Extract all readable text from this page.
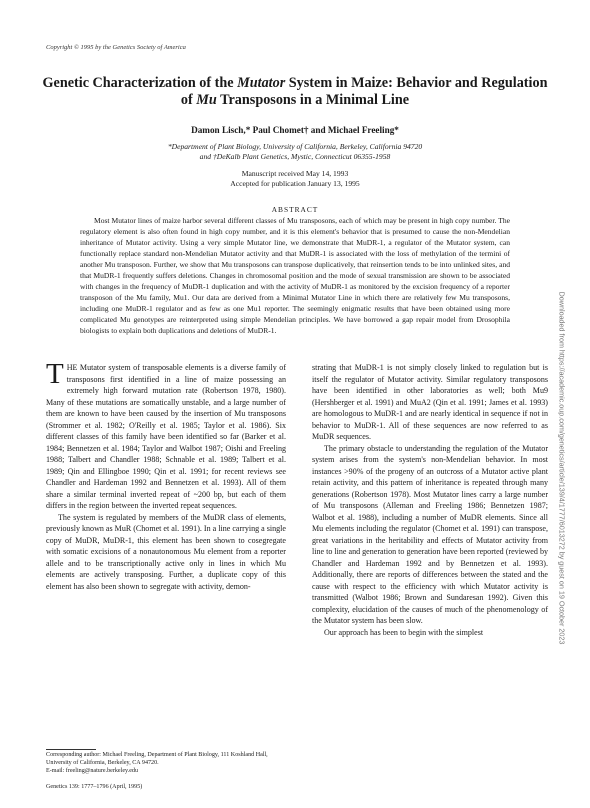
Copyright © 1995 by the Genetics Society of America
Genetic Characterization of the Mutator System in Maize: Behavior and Regulation of Mu Transposons in a Minimal Line
Damon Lisch,* Paul Chomet† and Michael Freeling*
*Department of Plant Biology, University of California, Berkeley, California 94720
and †DeKalb Plant Genetics, Mystic, Connecticut 06355-1958
Manuscript received May 14, 1993
Accepted for publication January 13, 1995
ABSTRACT
Most Mutator lines of maize harbor several different classes of Mu transposons, each of which may be present in high copy number. The regulatory element is also often found in high copy number, and it is this element's behavior that is presumed to cause the non-Mendelian inheritance of Mutator activity. Using a very simple Mutator line, we demonstrate that MuDR-1, a regulator of the Mutator system, can functionally replace standard non-Mendelian Mutator activity and that MuDR-1 is associated with the loss of methylation of the termini of another Mu transposon. Further, we show that Mu transposons can transpose duplicatively, that reinsertion tends to be into unlinked sites, and that MuDR-1 frequently suffers deletions. Changes in chromosomal position and the mode of sexual transmission are shown to be associated with changes in the frequency of MuDR-1 duplication and with the activity of MuDR-1 as monitored by the excision frequency of a reporter transposon of the Mu family, Mu1. Our data are derived from a Minimal Mutator Line in which there are relatively few Mu transposons, including one MuDR-1 regulator and as few as one Mu1 reporter. The seemingly enigmatic results that have been obtained using more complicated Mu genotypes are reinterpreted using simple Mendelian principles. We have borrowed a gap repair model from Drosophila biologists to explain both duplications and deletions of MuDR-1.

THE Mutator system of transposable elements is a diverse family of transposons first identified in a line of maize possessing an extremely high forward mutation rate (Robertson 1978, 1980). Many of these mutations are somatically unstable, and a large number of them are known to have been caused by the insertion of Mu transposons (Strommer et al. 1982; O'Reilly et al. 1985; Taylor et al. 1986). Six different classes of this family have been identified so far (Barker et al. 1984; Bennetzen et al. 1984; Taylor and Walbot 1987; Oishi and Freeling 1988; Talbert and Chandler 1988; Schnable et al. 1989; Talbert et al. 1989; Qin and Ellingboe 1990; Qin et al. 1991; for recent reviews see Chandler and Hardeman 1992 and Bennetzen et al. 1993). All of them share a similar terminal inverted repeat of ~200 bp, but each of them differs in the region between the inverted repeat sequences.

The system is regulated by members of the MuDR class of elements, previously known as MuR (Chomet et al. 1991). In a line carrying a single copy of MuDR, MuDR-1, this element has been shown to cosegregate with somatic excisions of a nonautonomous Mu element from a reporter allele and to be transcriptionally active only in lines in which Mu elements are actively transposing. Further, a duplicate copy of this element has also been shown to segregate with activity, demon-

strating that MuDR-1 is not simply closely linked to regulation but is itself the regulator of Mutator activity. Similar regulatory transposons have been identified in other laboratories as well; both Mu9 (Hershberger et al. 1991) and MuA2 (Qin et al. 1991; James et al. 1993) are homologous to MuDR-1 and are nearly identical in sequence if not in behavior to MuDR-1. All of these sequences are now referred to as MuDR sequences.

The primary obstacle to understanding the regulation of the Mutator system arises from the system's non-Mendelian behavior. In most instances >90% of the progeny of an outcross of a Mutator active plant retain activity, and this pattern of inheritance is repeated through many generations (Robertson 1978). Most Mutator lines carry a large number of Mu transposons (Alleman and Freeling 1986; Bennetzen 1987; Walbot et al. 1988), including a number of MuDR elements. Since all Mu elements including the regulator (Chomet et al. 1991) can transpose, great variations in the heritability and effects of Mutator activity from line to line and generation to generation have been reported (reviewed by Chandler and Hardeman 1992 and by Bennetzen et al. 1993). Additionally, there are reports of differences between the stated and the cause with respect to the efficiency with which Mutator activity is transmitted (Walbot 1986; Brown and Sundaresan 1992). Given this complexity, elucidation of the causes of much of the phenomenology of the Mutator system has been slow.

Our approach has been to begin with the simplest

Corresponding author: Michael Freeling, Department of Plant Biology, 111 Koshland Hall, University of California, Berkeley, CA 94720.
E-mail: freeling@nature.berkeley.edu
Genetics 139: 1777–1796 (April, 1995)
Downloaded from https://academic.oup.com/genetics/article/139/4/1777/6013272 by guest on 19 October 2023
